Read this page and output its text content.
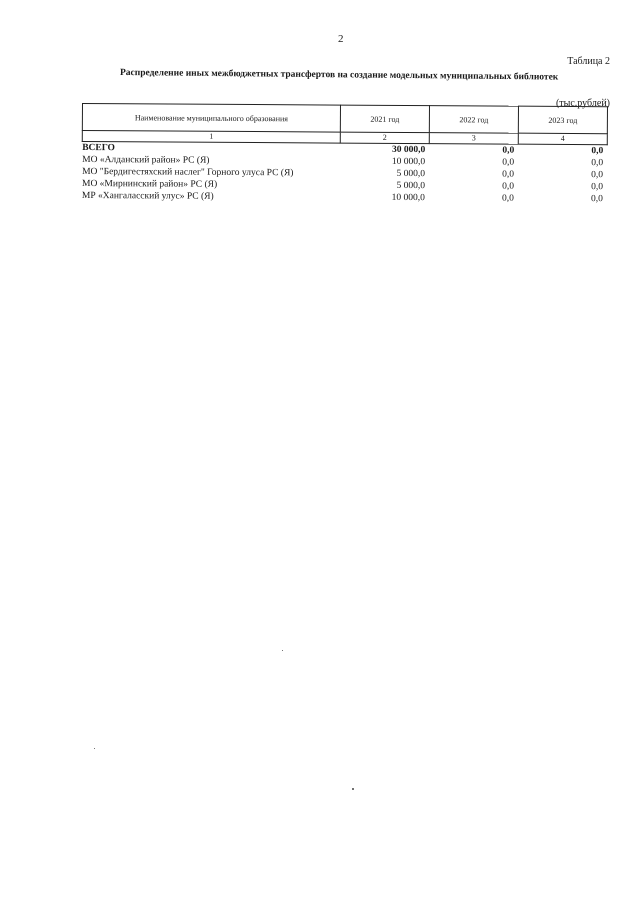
2
Таблица 2
Распределение иных межбюджетных трансфертов на создание модельных муниципальных библиотек
(тыс.рублей)
Наименование муниципального образования	2021 год	2022 год	2023 год
1	2	3	4
ВСЕГО	30 000,0	0,0	0,0
МО «Алданский район» РС (Я)	10 000,0	0,0	0,0
МО "Бердигестяхский наслег" Горного улуса РС (Я)	5 000,0	0,0	0,0
МО «Мирнинский район» РС (Я)	5 000,0	0,0	0,0
МР «Хангаласский улус» РС (Я)	10 000,0	0,0	0,0
